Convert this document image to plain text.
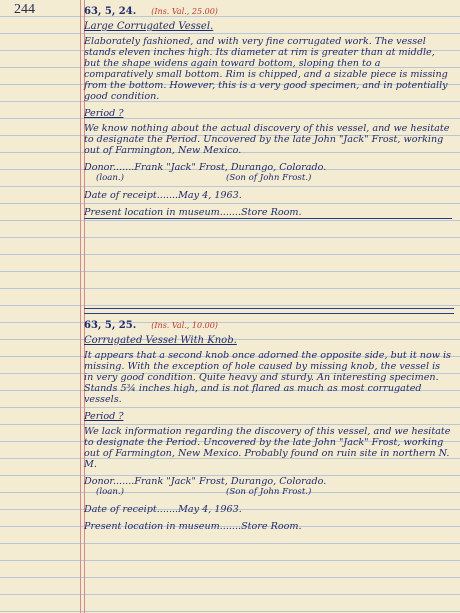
244	63, 5, 24. (Ins. Val., 25.00)
Large Corrugated Vessel.
Elaborately fashioned, and with very fine corrugated work. The vessel stands eleven inches high. Its diameter at rim is greater than at middle, but the shape widens again toward bottom, sloping then to a comparatively small bottom. Rim is chipped, and a sizable piece is missing from the bottom. However, this is a very good specimen, and in potentially good condition.
Period ?
We know nothing about the actual discovery of this vessel, and we hesitate to designate the Period. Uncovered by the late John "Jack" Frost, working out of Farmington, New Mexico.
Donor....... Frank "Jack" Frost, Durango, Colorado.
(loan.)	(Son of John Frost.)
Date of receipt....... May 4, 1963.
Present location in museum....... Store Room.
63, 5, 25. (Ins. Val., 10.00)
Corrugated Vessel With Knob.
It appears that a second knob once adorned the opposite side, but it now is missing. With the exception of hole caused by missing knob, the vessel is in very good condition. Quite heavy and sturdy. An interesting specimen. Stands 5¾ inches high, and is not flared as much as most corrugated vessels.
Period ?
We lack information regarding the discovery of this vessel, and we hesitate to designate the Period. Uncovered by the late John "Jack" Frost, working out of Farmington, New Mexico. Probably found on ruin site in northern N. M.
Donor....... Frank "Jack" Frost, Durango, Colorado.
(loan.)	(Son of John Frost.)
Date of receipt....... May 4, 1963.
Present location in museum....... Store Room.
